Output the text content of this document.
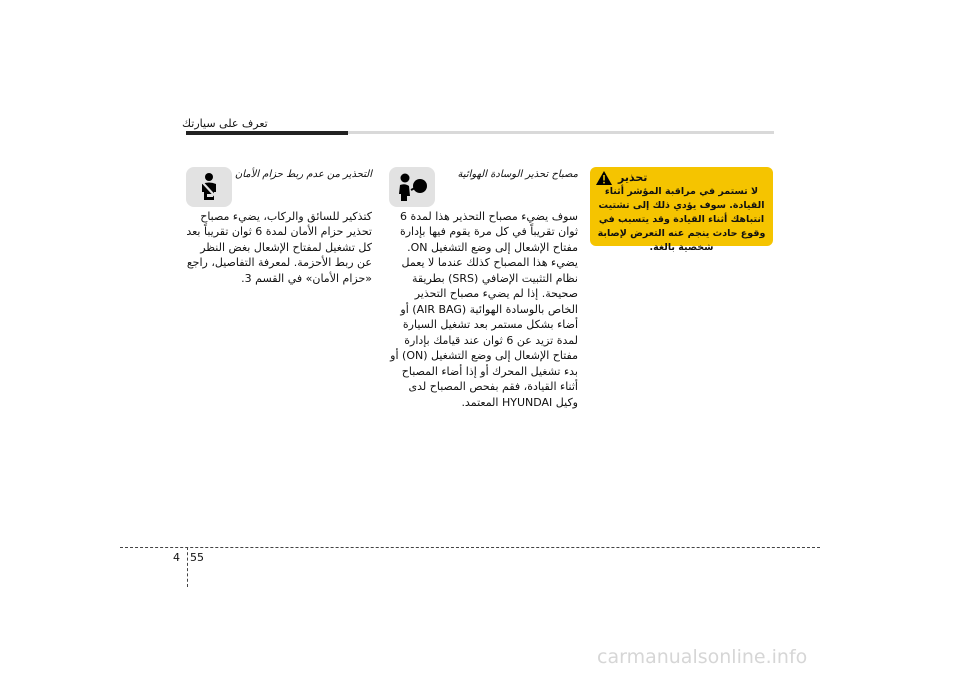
تعرف على سيارتك
التحذير من عدم ربط حزام الأمان
كتذكير للسائق والركاب، يضيء مصباح تحذير حزام الأمان لمدة 6 ثوان تقريباً بعد كل تشغيل لمفتاح الإشعال بغض النظر عن ربط الأحزمة. لمعرفة التفاصيل، راجع «حزام الأمان» في القسم 3.
مصباح تحذير الوسادة الهوائية
سوف يضيء مصباح التحذير هذا لمدة 6 ثوان تقريباً في كل مرة يقوم فيها بإدارة مفتاح الإشعال إلى وضع التشغيل ON. يضيء هذا المصباح كذلك عندما لا يعمل نظام التثبيت الإضافي (SRS) بطريقة صحيحة. إذا لم يضيء مصباح التحذير الخاص بالوسادة الهوائية (AIR BAG) أو أضاء بشكل مستمر بعد تشغيل السيارة لمدة تزيد عن 6 ثوان عند قيامك بإدارة مفتاح الإشعال إلى وضع التشغيل (ON) أو بدء تشغيل المحرك أو إذا أضاء المصباح أثناء القيادة، فقم بفحص المصباح لدى وكيل HYUNDAI المعتمد.
تحذير
لا تستمر في مراقبة المؤشر أثناء القيادة. سوف يؤدي ذلك إلى تشتيت انتباهك أثناء القيادة وقد يتسبب في وقوع حادث ينجم عنه التعرض لإصابة شخصية بالغة.
4 55
carmanualsonline.info
